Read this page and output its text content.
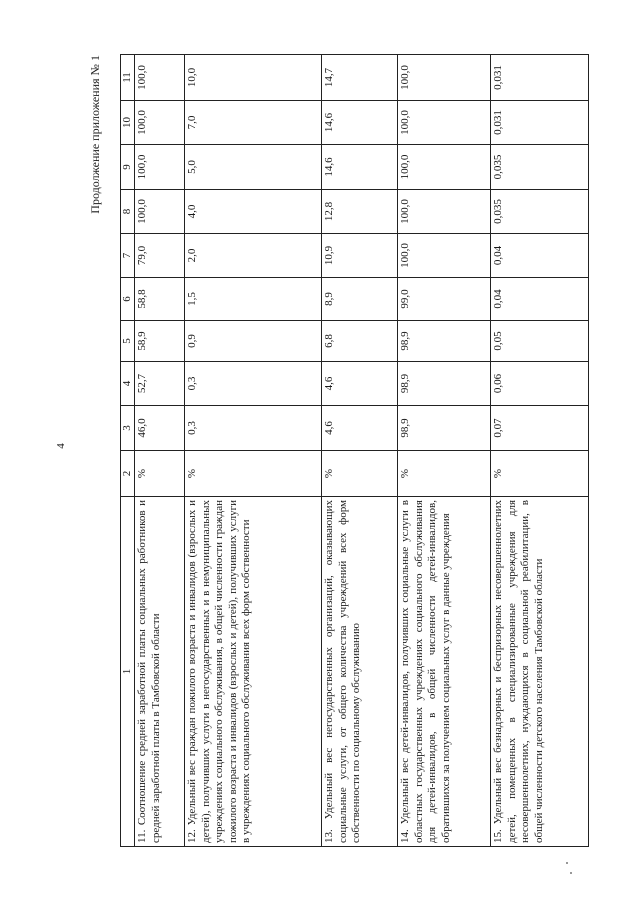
4
Продолжение приложения № 1
1	2	3	4	5	6	7	8	9	10	11
11. Соотношение средней заработной платы социальных работников и средней заработной платы в Тамбовской области	%	46,0	52,7	58,9	58,8	79,0	100,0	100,0	100,0	100,0
12. Удельный вес граждан пожилого возраста и инвалидов (взрослых и детей), получивших услуги в негосударственных и в немуниципальных учреждениях социального обслуживания, в общей численности граждан пожилого возраста и инвалидов (взрослых и детей), получивших услуги в учреждениях социального обслуживания всех форм собственности	%	0,3	0,3	0,9	1,5	2,0	4,0	5,0	7,0	10,0
13. Удельный вес негосударственных организаций, оказывающих социальные услуги, от общего количества учреждений всех форм собственности по социальному обслуживанию	%	4,6	4,6	6,8	8,9	10,9	12,8	14,6	14,6	14,7
14. Удельный вес детей-инвалидов, получивших социальные услуги в областных государственных учреждениях социального обслуживания для детей-инвалидов, в общей численности детей-инвалидов, обратившихся за получением социальных услуг в данные учреждения	%	98,9	98,9	98,9	99,0	100,0	100,0	100,0	100,0	100,0
15. Удельный вес безнадзорных и беспризорных несовершеннолетних детей, помещенных в специализированные учреждения для несовершеннолетних, нуждающихся в социальной реабилитации, в общей численности детского населения Тамбовской области	%	0,07	0,06	0,05	0,04	0,04	0,035	0,035	0,031	0,031
